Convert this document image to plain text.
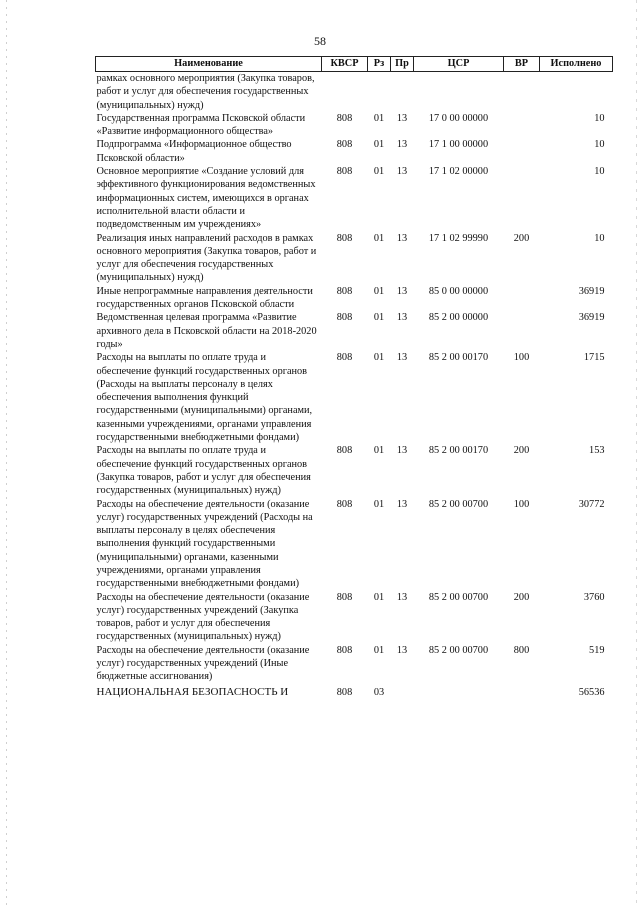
58
Наименование	КВСР	Рз	Пр	ЦСР	ВР	Исполнено
рамках основного мероприятия (Закупка товаров, работ и услуг для обеспечения государственных (муниципальных) нужд)						
Государственная программа Псковской области «Развитие информационного общества»	808	01	13	17 0 00 00000		10
Подпрограмма «Информационное общество Псковской области»	808	01	13	17 1 00 00000		10
Основное мероприятие «Создание условий для эффективного функционирования ведомственных информационных систем, имеющихся в органах исполнительной власти области и подведомственным им учреждениях»	808	01	13	17 1 02 00000		10
Реализация иных направлений расходов в рамках основного мероприятия (Закупка товаров, работ и услуг для обеспечения государственных (муниципальных) нужд)	808	01	13	17 1 02 99990	200	10
Иные непрограммные направления деятельности государственных органов Псковской области	808	01	13	85 0 00 00000		36919
Ведомственная целевая программа «Развитие архивного дела в Псковской области на 2018-2020 годы»	808	01	13	85 2 00 00000		36919
Расходы на выплаты по оплате труда и обеспечение функций государственных органов (Расходы на выплаты персоналу в целях обеспечения выполнения функций государственными (муниципальными) органами, казенными учреждениями, органами управления государственными внебюджетными фондами)	808	01	13	85 2 00 00170	100	1715
Расходы на выплаты по оплате труда и обеспечение функций государственных органов (Закупка товаров, работ и услуг для обеспечения государственных (муниципальных) нужд)	808	01	13	85 2 00 00170	200	153
Расходы на обеспечение деятельности (оказание услуг) государственных учреждений (Расходы на выплаты персоналу в целях обеспечения выполнения функций государственными (муниципальными) органами, казенными учреждениями, органами управления государственными внебюджетными фондами)	808	01	13	85 2 00 00700	100	30772
Расходы на обеспечение деятельности (оказание услуг) государственных учреждений (Закупка товаров, работ и услуг для обеспечения государственных (муниципальных) нужд)	808	01	13	85 2 00 00700	200	3760
Расходы на обеспечение деятельности (оказание услуг) государственных учреждений (Иные бюджетные ассигнования)	808	01	13	85 2 00 00700	800	519
НАЦИОНАЛЬНАЯ БЕЗОПАСНОСТЬ И	808	03				56536
